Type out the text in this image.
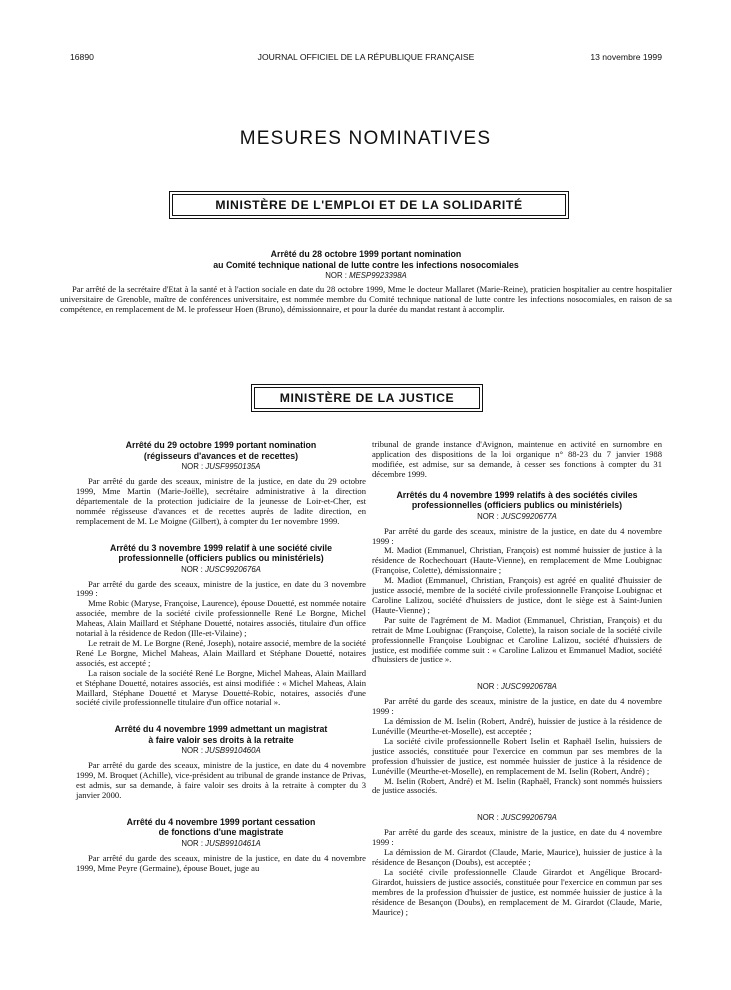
16890	JOURNAL OFFICIEL DE LA RÉPUBLIQUE FRANÇAISE	13 novembre 1999
MESURES NOMINATIVES
MINISTÈRE DE L'EMPLOI ET DE LA SOLIDARITÉ
Arrêté du 28 octobre 1999 portant nomination
au Comité technique national de lutte contre les infections nosocomiales
NOR : MESP9923398A

Par arrêté de la secrétaire d'Etat à la santé et à l'action sociale en date du 28 octobre 1999, Mme le docteur Mallaret (Marie-Reine), praticien hospitalier au centre hospitalier universitaire de Grenoble, maître de conférences universitaire, est nommée membre du Comité technique national de lutte contre les infections nosocomiales, en raison de sa compétence, en remplacement de M. le professeur Hoen (Bruno), démissionnaire, et pour la durée du mandat restant à accomplir.

MINISTÈRE DE LA JUSTICE
Arrêté du 29 octobre 1999 portant nomination
(régisseurs d'avances et de recettes)
NOR : JUSF9950135A

Par arrêté du garde des sceaux, ministre de la justice, en date du 29 octobre 1999, Mme Martin (Marie-Joëlle), secrétaire administrative à la direction départementale de la protection judiciaire de la jeunesse de Loir-et-Cher, est nommée régisseuse d'avances et de recettes auprès de ladite direction, en remplacement de M. Le Moigne (Gilbert), à compter du 1er novembre 1999.

Arrêté du 3 novembre 1999 relatif à une société civile
professionnelle (officiers publics ou ministériels)
NOR : JUSC9920676A

Par arrêté du garde des sceaux, ministre de la justice, en date du 3 novembre 1999 :

Mme Robic (Maryse, Françoise, Laurence), épouse Douetté, est nommée notaire associée, membre de la société civile professionnelle René Le Borgne, Michel Maheas, Alain Maillard et Stéphane Douetté, notaires associés, titulaire d'un office notarial à la résidence de Redon (Ille-et-Vilaine) ;

Le retrait de M. Le Borgne (René, Joseph), notaire associé, membre de la société René Le Borgne, Michel Maheas, Alain Maillard et Stéphane Douetté, notaires associés, est accepté ;

La raison sociale de la société René Le Borgne, Michel Maheas, Alain Maillard et Stéphane Douetté, notaires associés, est ainsi modifiée : « Michel Maheas, Alain Maillard, Stéphane Douetté et Maryse Douetté-Robic, notaires, associés d'une société civile professionnelle titulaire d'un office notarial ».

Arrêté du 4 novembre 1999 admettant un magistrat
à faire valoir ses droits à la retraite
NOR : JUSB9910460A

Par arrêté du garde des sceaux, ministre de la justice, en date du 4 novembre 1999, M. Broquet (Achille), vice-président au tribunal de grande instance de Privas, est admis, sur sa demande, à faire valoir ses droits à la retraite à compter du 3 janvier 2000.

Arrêté du 4 novembre 1999 portant cessation
de fonctions d'une magistrate
NOR : JUSB9910461A

Par arrêté du garde des sceaux, ministre de la justice, en date du 4 novembre 1999, Mme Peyre (Germaine), épouse Bouet, juge au

tribunal de grande instance d'Avignon, maintenue en activité en surnombre en application des dispositions de la loi organique n° 88-23 du 7 janvier 1988 modifiée, est admise, sur sa demande, à cesser ses fonctions à compter du 31 décembre 1999.

Arrêtés du 4 novembre 1999 relatifs à des sociétés civiles
professionnelles (officiers publics ou ministériels)
NOR : JUSC9920677A

Par arrêté du garde des sceaux, ministre de la justice, en date du 4 novembre 1999 :

M. Madiot (Emmanuel, Christian, François) est nommé huissier de justice à la résidence de Rochechouart (Haute-Vienne), en remplacement de Mme Loubignac (Françoise, Colette), démissionnaire ;

M. Madiot (Emmanuel, Christian, François) est agréé en qualité d'huissier de justice associé, membre de la société civile professionnelle Françoise Loubignac et Caroline Lalizou, société d'huissiers de justice, dont le siège est à Saint-Junien (Haute-Vienne) ;

Par suite de l'agrément de M. Madiot (Emmanuel, Christian, François) et du retrait de Mme Loubignac (Françoise, Colette), la raison sociale de la société civile professionnelle Françoise Loubignac et Caroline Lalizou, société d'huissiers de justice, est modifiée comme suit : « Caroline Lalizou et Emmanuel Madiot, société d'huissiers de justice ».

NOR : JUSC9920678A

Par arrêté du garde des sceaux, ministre de la justice, en date du 4 novembre 1999 :

La démission de M. Iselin (Robert, André), huissier de justice à la résidence de Lunéville (Meurthe-et-Moselle), est acceptée ;

La société civile professionnelle Robert Iselin et Raphaël Iselin, huissiers de justice associés, constituée pour l'exercice en commun par ses membres de la profession d'huissier de justice, est nommée huissier de justice à la résidence de Lunéville (Meurthe-et-Moselle), en remplacement de M. Iselin (Robert, André) ;

M. Iselin (Robert, André) et M. Iselin (Raphaël, Franck) sont nommés huissiers de justice associés.

NOR : JUSC9920679A

Par arrêté du garde des sceaux, ministre de la justice, en date du 4 novembre 1999 :

La démission de M. Girardot (Claude, Marie, Maurice), huissier de justice à la résidence de Besançon (Doubs), est acceptée ;

La société civile professionnelle Claude Girardot et Angélique Brocard-Girardot, huissiers de justice associés, constituée pour l'exercice en commun par ses membres de la profession d'huissier de justice, est nommée huissier de justice à la résidence de Besançon (Doubs), en remplacement de M. Girardot (Claude, Marie, Maurice) ;
